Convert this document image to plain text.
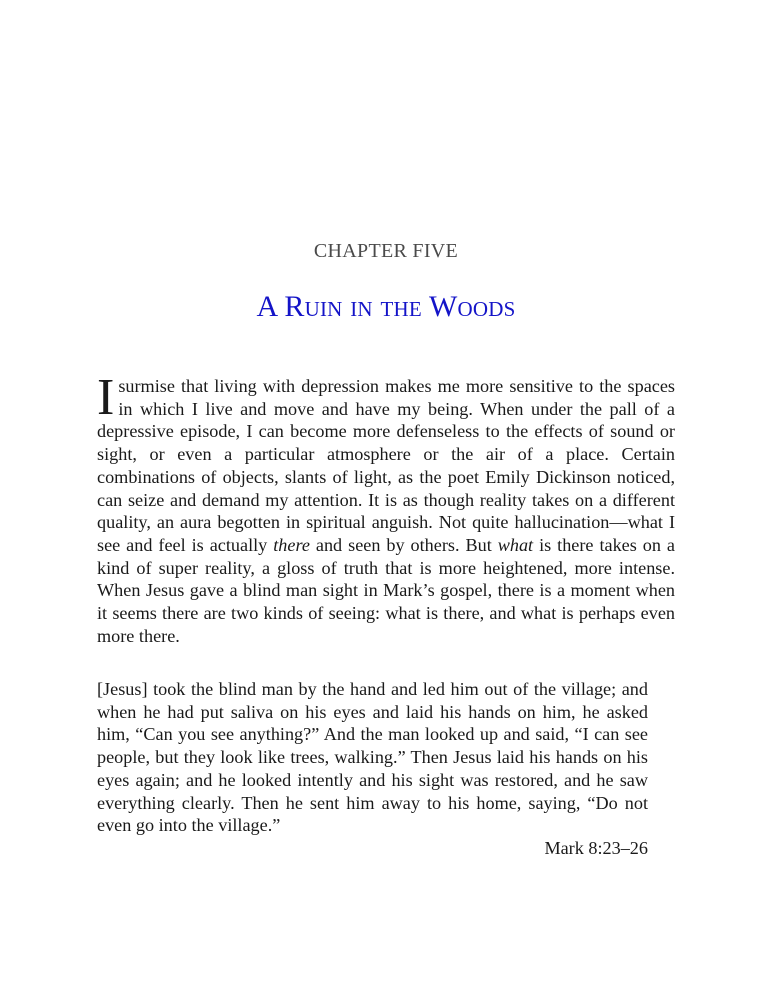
CHAPTER FIVE
A Ruin in the Woods

Isurmise that living with depression makes me more sensitive to the spaces in which I live and move and have my being. When under the pall of a depressive episode, I can become more defenseless to the effects of sound or sight, or even a particular atmosphere or the air of a place. Certain combinations of objects, slants of light, as the poet Emily Dickinson noticed, can seize and demand my attention. It is as though reality takes on a different quality, an aura begotten in spiritual anguish. Not quite hallucination—what I see and feel is actually there and seen by others. But what is there takes on a kind of super reality, a gloss of truth that is more heightened, more intense. When Jesus gave a blind man sight in Mark’s gospel, there is a moment when it seems there are two kinds of seeing: what is there, and what is perhaps even more there.

[Jesus] took the blind man by the hand and led him out of the village; and when he had put saliva on his eyes and laid his hands on him, he asked him, “Can you see anything?” And the man looked up and said, “I can see people, but they look like trees, walking.” Then Jesus laid his hands on his eyes again; and he looked intently and his sight was restored, and he saw everything clearly. Then he sent him away to his home, saying, “Do not even go into the village.”

Mark 8:23–26
